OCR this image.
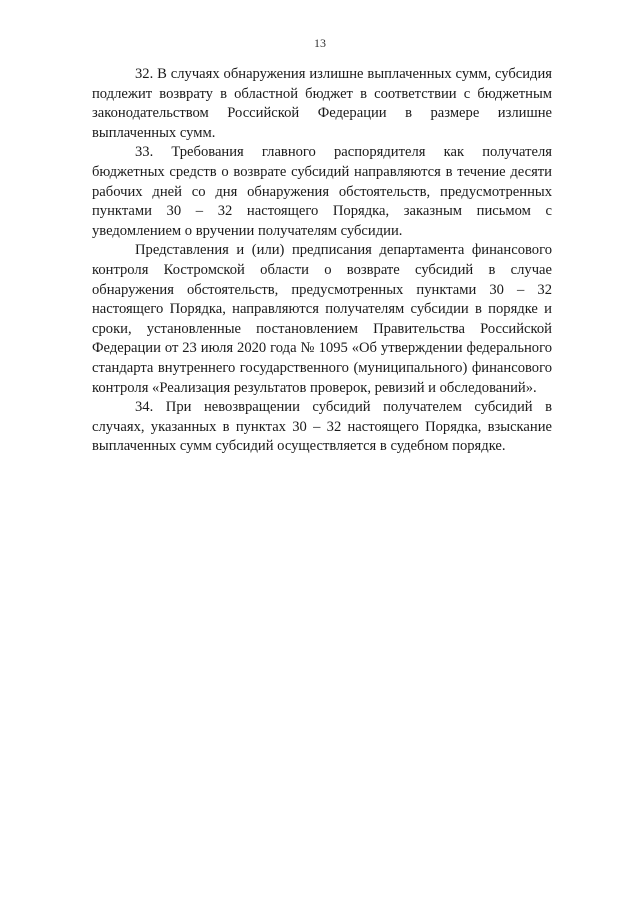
13

32. В случаях обнаружения излишне выплаченных сумм, субсидия подлежит возврату в областной бюджет в соответствии с бюджетным законодательством Российской Федерации в размере излишне выплаченных сумм.

33. Требования главного распорядителя как получателя бюджетных средств о возврате субсидий направляются в течение десяти рабочих дней со дня обнаружения обстоятельств, предусмотренных пунктами 30 – 32 настоящего Порядка, заказным письмом с уведомлением о вручении получателям субсидии.

Представления и (или) предписания департамента финансового контроля Костромской области о возврате субсидий в случае обнаружения обстоятельств, предусмотренных пунктами 30 – 32 настоящего Порядка, направляются получателям субсидии в порядке и сроки, установленные постановлением Правительства Российской Федерации от 23 июля 2020 года № 1095 «Об утверждении федерального стандарта внутреннего государственного (муниципального) финансового контроля «Реализация результатов проверок, ревизий и обследований».

34. При невозвращении субсидий получателем субсидий в случаях, указанных в пунктах 30 – 32 настоящего Порядка, взыскание выплаченных сумм субсидий осуществляется в судебном порядке.
